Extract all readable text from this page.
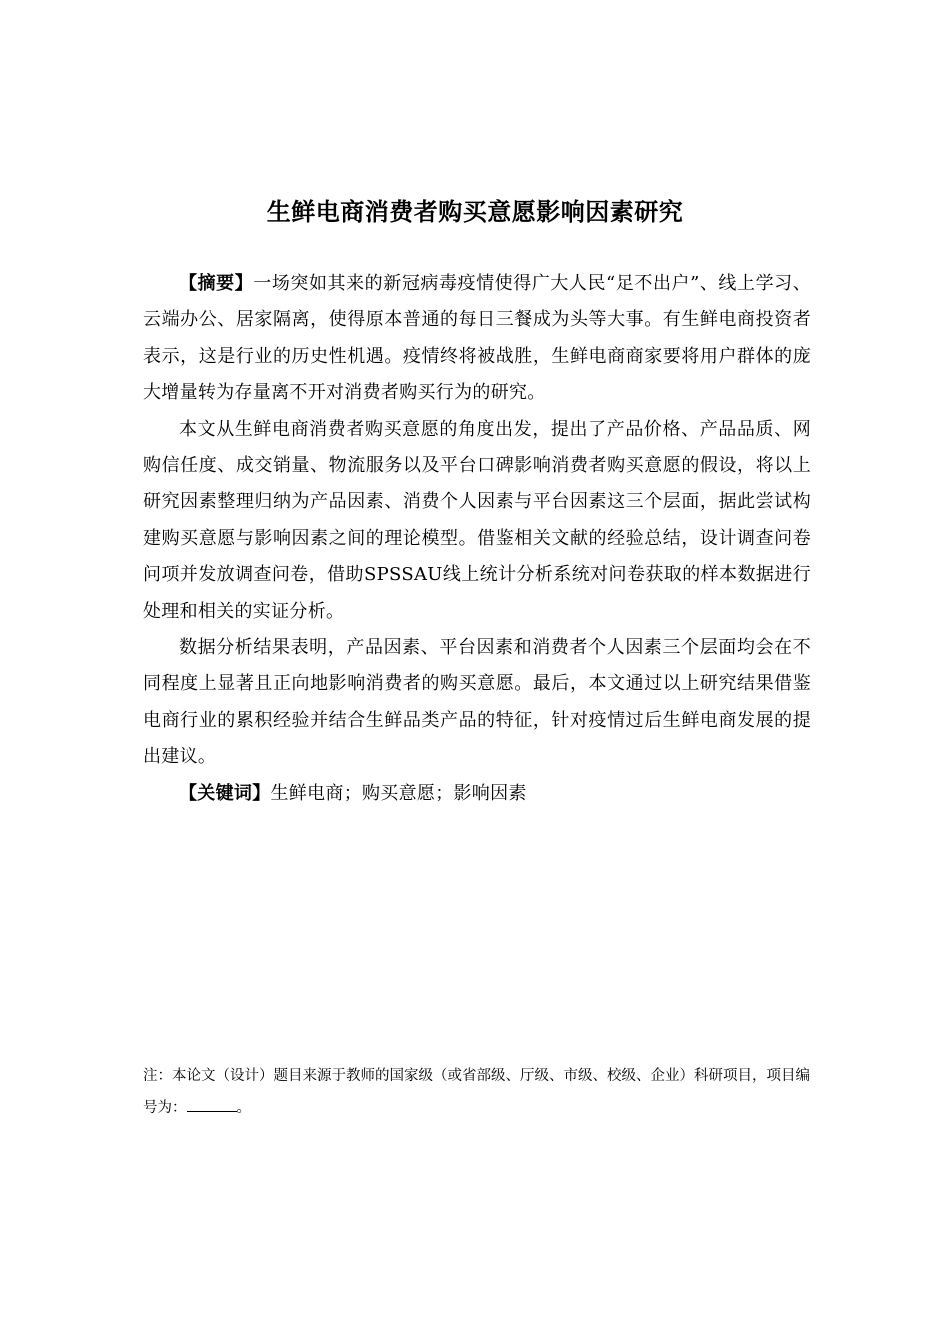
生鲜电商消费者购买意愿影响因素研究

【摘要】一场突如其来的新冠病毒疫情使得广大人民“足不出户”、线上学习、云端办公、居家隔离，使得原本普通的每日三餐成为头等大事。有生鲜电商投资者表示，这是行业的历史性机遇。疫情终将被战胜，生鲜电商商家要将用户群体的庞大增量转为存量离不开对消费者购买行为的研究。

本文从生鲜电商消费者购买意愿的角度出发，提出了产品价格、产品品质、网购信任度、成交销量、物流服务以及平台口碑影响消费者购买意愿的假设，将以上研究因素整理归纳为产品因素、消费个人因素与平台因素这三个层面，据此尝试构建购买意愿与影响因素之间的理论模型。借鉴相关文献的经验总结，设计调查问卷问项并发放调查问卷，借助SPSSAU线上统计分析系统对问卷获取的样本数据进行处理和相关的实证分析。

数据分析结果表明，产品因素、平台因素和消费者个人因素三个层面均会在不同程度上显著且正向地影响消费者的购买意愿。最后，本文通过以上研究结果借鉴电商行业的累积经验并结合生鲜品类产品的特征，针对疫情过后生鲜电商发展的提出建议。

【关键词】生鲜电商；购买意愿；影响因素

注：本论文（设计）题目来源于教师的国家级（或省部级、厅级、市级、校级、企业）科研项目，项目编号为：	。
